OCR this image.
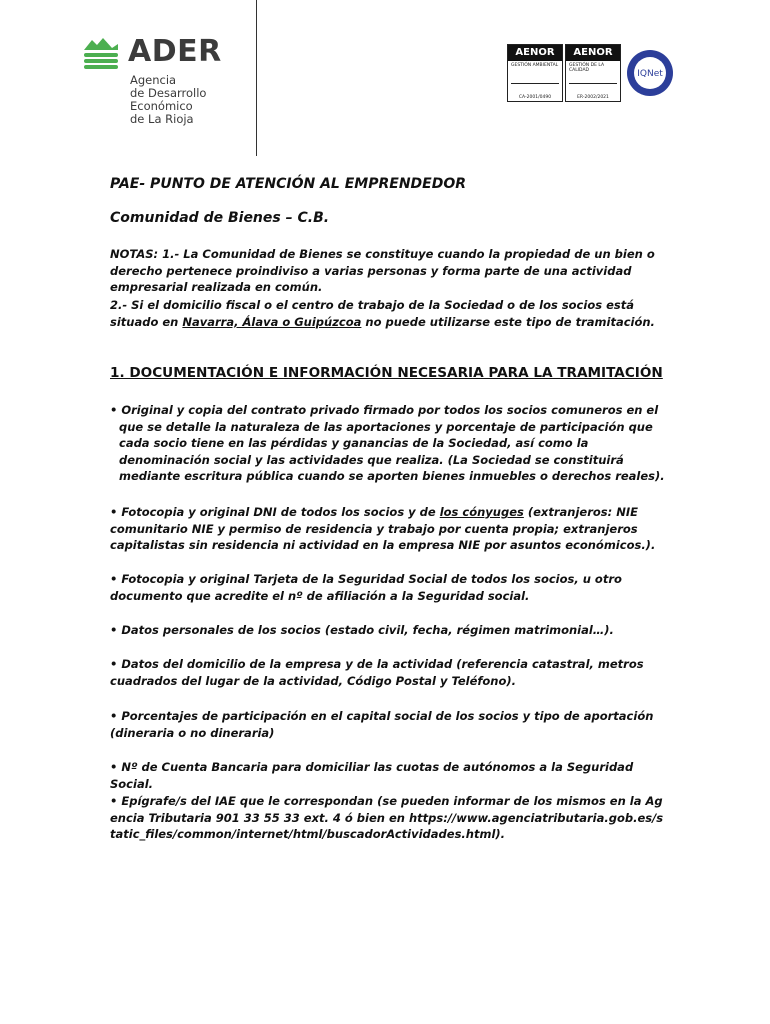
ADER
Agencia
de Desarrollo
Económico
de La Rioja
AENOR
GESTIÓN AMBIENTAL
CA-2001/0490
AENOR
GESTIÓN DE LA CALIDAD
ER-2002/2021
IQNet
PAE- PUNTO DE ATENCIÓN AL EMPRENDEDOR
Comunidad de Bienes – C.B.
NOTAS: 1.- La Comunidad de Bienes se constituye cuando la propiedad de un bien o derecho pertenece proindiviso a varias personas y forma parte de una actividad empresarial realizada en común.
2.- Si el domicilio fiscal o el centro de trabajo de la Sociedad o de los socios está situado en Navarra, Álava o Guipúzcoa no puede utilizarse este tipo de tramitación.
1. DOCUMENTACIÓN E INFORMACIÓN NECESARIA PARA LA TRAMITACIÓN
• Original y copia del contrato privado firmado por todos los socios comuneros en el que se detalle la naturaleza de las aportaciones y porcentaje de participación que cada socio tiene en las pérdidas y ganancias de la Sociedad, así como la denominación social y las actividades que realiza. (La Sociedad se constituirá mediante escritura pública cuando se aporten bienes inmuebles o derechos reales).
• Fotocopia y original DNI de todos los socios y de los cónyuges (extranjeros: NIE comunitario NIE y permiso de residencia y trabajo por cuenta propia; extranjeros capitalistas sin residencia ni actividad en la empresa NIE por asuntos económicos.).
• Fotocopia y original Tarjeta de la Seguridad Social de todos los socios, u otro documento que acredite el nº de afiliación a la Seguridad social.
• Datos personales de los socios (estado civil, fecha, régimen matrimonial…).
• Datos del domicilio de la empresa y de la actividad (referencia catastral, metros cuadrados del lugar de la actividad, Código Postal y Teléfono).
• Porcentajes de participación en el capital social de los socios y tipo de aportación (dineraria o no dineraria)
• Nº de Cuenta Bancaria para domiciliar las cuotas de autónomos a la Seguridad Social.
• Epígrafe/s del IAE que le correspondan (se pueden informar de los mismos en la Agencia Tributaria 901 33 55 33 ext. 4 ó bien en https://www.agenciatributaria.gob.es/static_files/common/internet/html/buscadorActividades.html).
